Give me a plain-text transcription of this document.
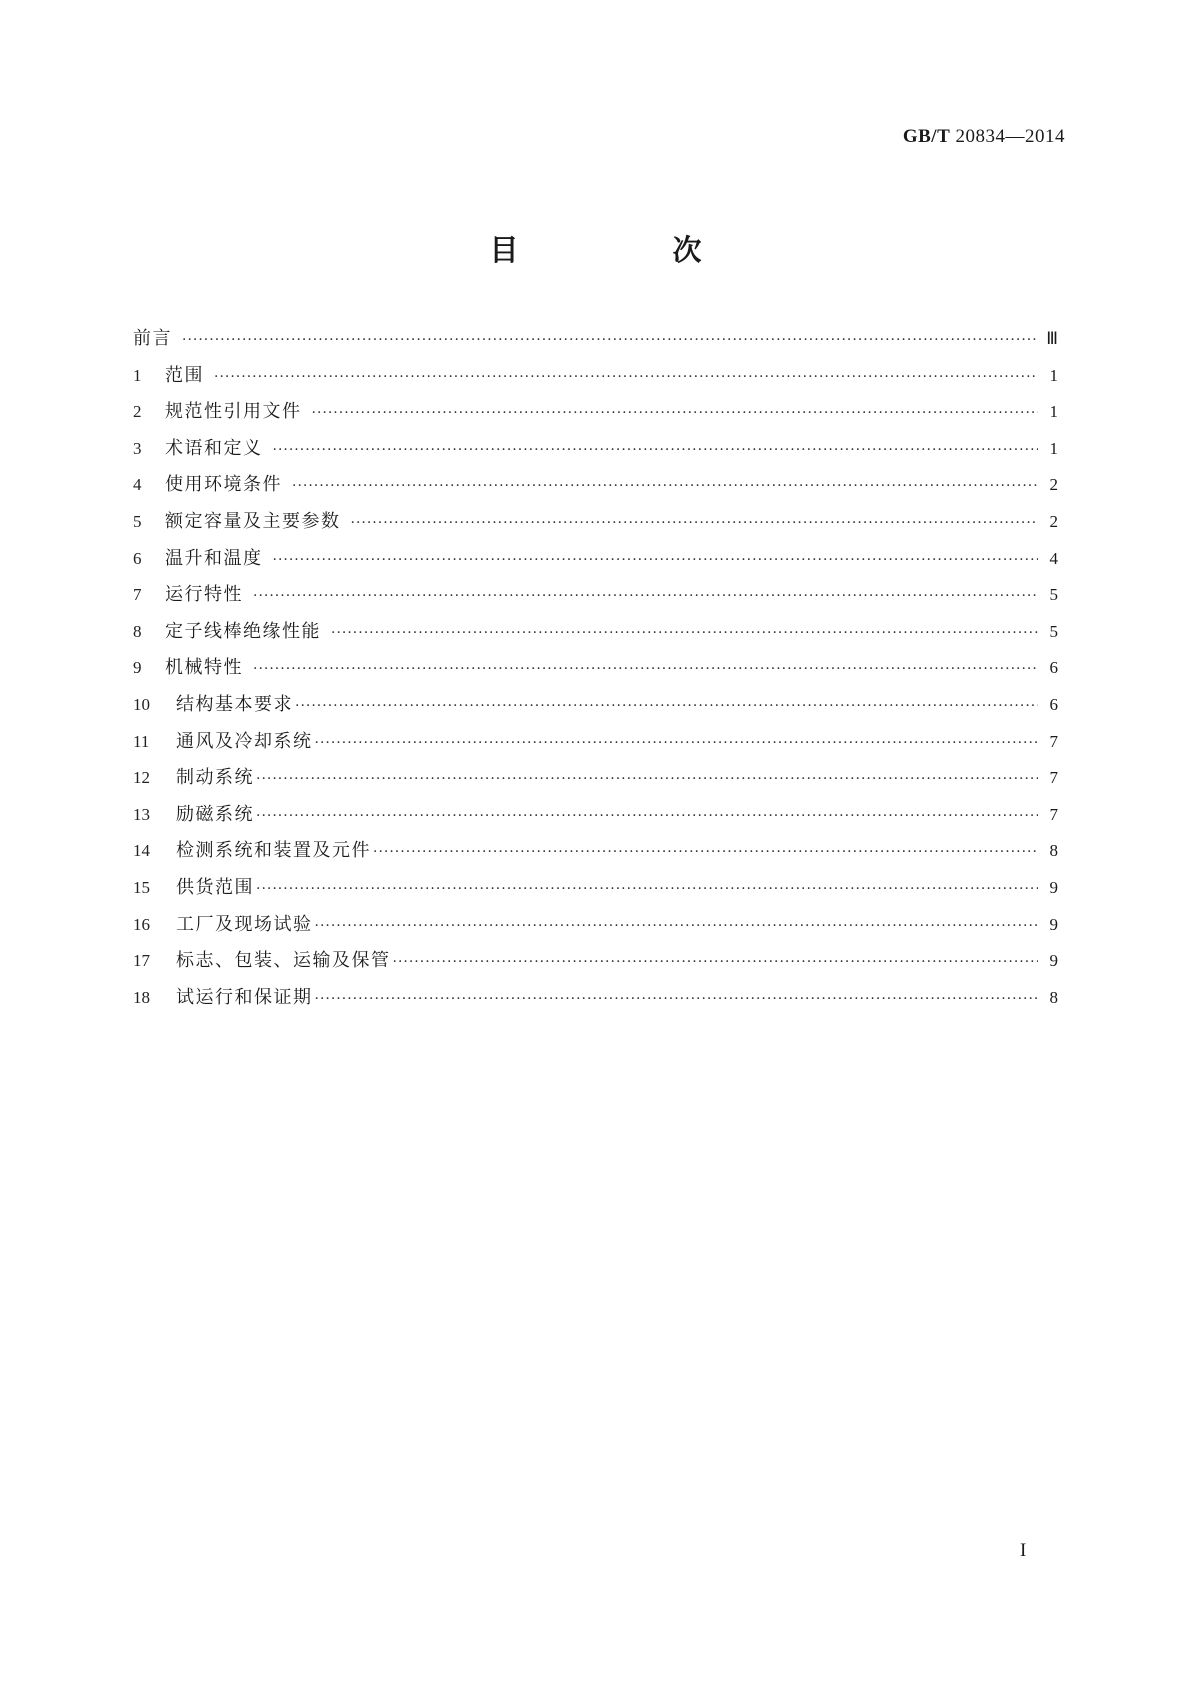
GB/T 20834—2014
目 次
前言 ·····	Ⅲ
1	范围 ·····	1
2	规范性引用文件 ·····	1
3	术语和定义 ·····	1
4	使用环境条件 ·····	2
5	额定容量及主要参数 ·····	2
6	温升和温度 ·····	4
7	运行特性 ·····	5
8	定子线棒绝缘性能 ·····	5
9	机械特性 ·····	6
10	结构基本要求 ·····	6
11	通风及冷却系统 ·····	7
12	制动系统 ·····	7
13	励磁系统 ·····	7
14	检测系统和装置及元件 ·····	8
15	供货范围 ·····	9
16	工厂及现场试验 ·····	9
17	标志、包装、运输及保管 ·····	9
18	试运行和保证期 ·····	8
I
